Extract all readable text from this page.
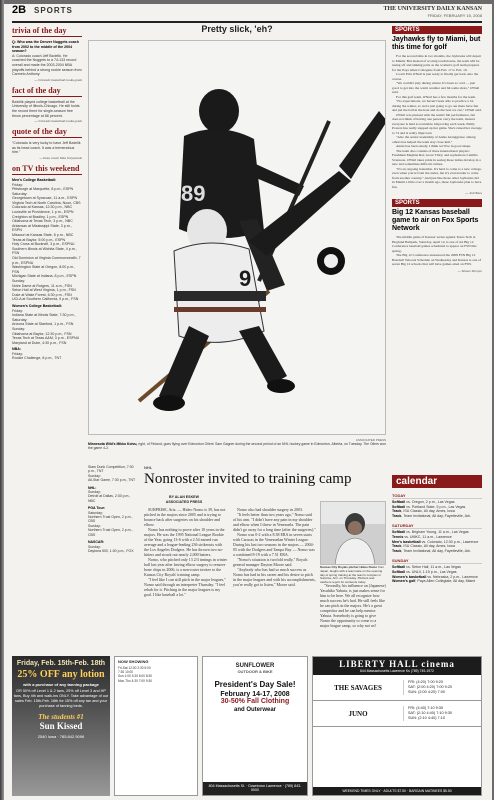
2B SPORTS	THE UNIVERSITY DAILY KANSAN
FRIDAY, FEBRUARY 15, 2008
trivia of the day
Q: Who was the Denver Nuggets coach from 2002 to the middle of the 2004 season?
A: Colorado coach Jeff Bzdelik. He coached the Nuggets to a 74-133 record overall and made the 2003-2004 NBA playoffs behind a strong rookie season from Carmelo Anthony.
— Colorado basketball media guide
fact of the day
Bzdelik played college basketball at the University of Illinois-Chicago. He still holds the record there for single-season free throw percentage at 88 percent.
— Colorado basketball media guide
quote of the day
"Colorado is very lucky to have Jeff Bzdelik as its head coach. It was a tremendous hire."
— Duke coach Mike Krzyzewski
on TV this weekend
Men's College Basketball:
Friday:
Pittsburgh at Marquette, 8 p.m., ESPN
Saturday:
Georgetown at Syracuse, 11 a.m., ESPN
Virginia Tech at North Carolina, Noon, CBS
Colorado at Kansas, 12:30 p.m., NBC
Louisville at Providence, 1 p.m., ESPN
Creighton at Bradley, 1 p.m., ESPN
Oklahoma at Texas Tech, 3 p.m., NBC
Arkansas at Mississippi State, 3 p.m., ESPN
Missouri at Kansas State, 6 p.m., NBC
Texas at Baylor, 5:00 p.m., ESPN
Holy Cross at Bucknell, 3 p.m., ESPNU
Southern Illinois at Wichita State, 4 p.m., FSN
Old Dominion at Virginia Commonwealth, 7 p.m., ESPNU
Washington State at Oregon, 8:00 p.m., FSN
Michigan State at Indiana, 8 p.m., ESPN
Sunday:
Notre Dame at Rutgers, 11 a.m., FSN
Seton Hall at West Virginia, 1 p.m., FSN
Duke at Wake Forest, 6:30 p.m., FSN
UCLA at Southern California, 9 p.m., FSN
Women's College Basketball:
Friday:
Indiana State at Illinois State, 7:30 p.m.,
Saturday:
Arizona State at Stanford, 1 p.m., FSN
Sunday:
Oklahoma at Baylor, 12:30 p.m., FSN
Texas Tech at Texas A&M, 3 p.m., ESPNU
Maryland at Duke, 4:30 p.m., FSN
NBA:
Friday:
Rookie Challenge, 8 p.m., TNT
Pretty slick, 'eh?
89
9
ASSOCIATED PRESS
Minnesota Wild's Mikko Koivu, right, of Finland, goes flying over Edmonton Oilers' Sam Gagner during the second period of an NHL hockey game in Edmonton, Alberta, on Tuesday. The Oilers won the game 4-2.
SPORTS
Jayhawks fly to Miami, but this time for golf

For the second time in two months, the Jayhawks will depart to Miami. But instead of scoring touchdowns, the team will be teeing off and sinking putts as the women's golf team prepares for the Paya Allen Collegiate from Feb. 17 to Feb. 19.

Coach Erin O'Neil is just ready to finally get back onto the course.

"We couldn't play during winter. It's been so cold — just good to get into the warm weather and hit some shots," O'Neil said.

For this golf team, O'Neil has a few months for the team.

"No expectations, we haven't been able to practice a lot during the winter, so we're just going to go out there have fun and put the ball in the hole and do the best we can," O'Neil said.

O'Neil was pleased with the team's fall performance, but does not think of having one person carry the team, instead everyone is held accountable. Improving each week, Emily Powers has really stepped up her game. She's raised her average to 74 and is really improved.

"Also the senior leadership of Annie Gianggrasso among others has helped the team stay close knit."

Annie has been steady, I think we'll be in good shape.

The team also consists of three international players: Freshmen Meghna Rai, Grace Thiry, and sophomore Camilla Svensson. O'Neil takes pride in seeing these ladies develop in a new and sometimes difficult culture.

"It's an ongoing transition. It's hard to come to a new college, even when you're from the states, but it's even harder to come from another country." And just like those other Jayhawks did in Miami a little over a month ago, these Jayhawks plan to have fun.

— Jodi Bass
SPORTS
Big 12 Kansas baseball game to air on Fox Sports Network

The middle game of Kansas' series against Texas Tech at Hoglund Ballpark, Saturday, April 12, is one of six Big 12 Conference baseball games scheduled to appear on FSN this spring.

The Big 12 Conference announced the 2008 FSN Big 12 Baseball Telecast Schedule on Wednesday and Kansas is one of seven Big 12 schools that will have games aired on FSN.

— Shawn Shroyer
calendar
TODAY
Softball vs. Oregon, 2 p.m., Las Vegas
Softball vs. Portland State, 5 p.m., Las Vegas
Track, ISU Classic, All day, Ames, Iowa
Track, Team Invitational, All day, Fayetteville, Ark.
SATURDAY
Softball vs. Brigham Young, 11 a.m., Las Vegas
Tennis vs. UMKC, 11 a.m., Lawrence
Men's basketball vs. Colorado, 12:30 p.m., Lawrence
Track, ISU Classic, All day, Ames, Iowa
Track, Team Invitational, All day, Fayetteville, Ark.
SUNDAY
Softball vs. Seton Hall, 11 a.m., Las Vegas
Softball vs. UNLV, 1:15 p.m., Las Vegas
Women's basketball vs. Nebraska, 2 p.m., Lawrence
Women's golf, Paya Allen Collegiate, All day, Miami
Slam Dunk Competition, 7:30 p.m., TNT
Sunday:
All-Star Game, 7:30 p.m., TNT
NHL:
Sunday:
Detroit at Dallas, 2:30 p.m., NBC
PGA Tour:
Saturday:
Northern Trust Open, 2 p.m., CBS
Sunday:
Northern Trust Open, 2 p.m., CBS
NASCAR:
Sunday:
Daytona 500, 1:00 p.m., FOX
NHL
Nonroster invited to training camp
BY ALAN ESKEW
ASSOCIATED PRESS

SURPRISE, Ariz. — Hideo Nomo is 39, has not pitched in the majors since 2005 and is trying to bounce back after surgeries on his shoulder and elbow.

Nomo has nothing to prove after 10 years in the majors. He was the 1995 National League Rookie of the Year, going 13-6 with a 2.54 earned run average and a league-leading 236 strikeouts with the Los Angeles Dodgers. He has thrown two no-hitters and struck out nearly 2,000 batters.

Nomo, who pitched only 13 2/3 innings in winter ball last year after having elbow surgery to remove bone chips in 2006, is a non-roster invitee to the Kansas City Royals' training camp.

"I feel like I can still pitch in the major leagues," Nomo said through an interpreter Thursday. "I feel rehab for it. Pitching in the major leagues is my goal. I like baseball a lot."

Nomo also had shoulder surgery in 2003.

"It feels better than two years ago," Nomo said of his arm. "I didn't have any pain in my shoulder and elbow when I threw in Venezuela. The pain didn't go away for a long time (after the surgeries)."

Nomo was 0-2 with a 8.38 ERA in seven starts with Caracas in the Venezuelan Winter League. During his last two seasons in the majors — 2004-05 with the Dodgers and Tampa Bay — Nomo was a combined 8-19 with a 7.51 ERA.

"Nomo's situation is twofold really," Royals general manager Dayton Moore said.

"Anybody who has had so much success as Nomo has had in his career and his desire to pitch in the major leagues and with his accomplishments, you're really got to listen," Moore said.

Kansas City Royals pitcher Hideo Nomo from Japan, laughs with a teammate on the opening day of spring training at the team's complex in Surprise, Ariz. on Thursday. Pitchers and catchers report for workouts today.

"Secondly, his influence on (Japanese) Yasuhiko Yabuta, is just makes sense for him to be here. We all recognize how much success he's had. He still feels like he can pitch in the majors. He's a great competitor and he can help mentor Yabuta. Somebody is going to give Nomo the opportunity to come to a major league camp, so why not us?

Friday, Feb. 15th-Feb. 18th
25% OFF any lotion
with a purchase of any tanning package
OR 50% off Level 1 & 2 tans, 25% off Level 3 and HP tans, Buy 4th and walk-ins ONLY. Take advantage of our sales Feb. 15th-Feb. 18th for 15% off any tan and your purchase of tanning beds.
The students #1
Sun Kissed
2540 Iowa · 785.842.5096
NOW SHOWING
Fri-Sat 12:00 2:30 5:00
7:30 10:00
Sun 1:00 3:30 6:00 8:30
Mon-Thu 4:30 7:00 9:30
SUNFLOWER
OUTDOOR & BIKE
President's Day Sale!
February 14-17, 2008
30-50% Fall Clothing
and Outerwear
804 Massachusetts St. · Downtown Lawrence · (785) 843-5000
LIBERTY HALL cinema
644 Massachusetts Lawrence Ks (785) 749-1972
THE SAVAGES
FRI: (4:20) 7:00 9:20
SAT: (2:00 4:20) 7:00 9:20
SUN: (2:00 4:20) 7:00
JUNO
FRI: (4:40) 7:10 9:30
SAT: (2:10 4:40) 7:10 9:30
SUN: (2:10 4:40) 7:10
WEEKEND TIMES ONLY · ADULTS $7.50 · BARGAIN MATINEES $5.50
